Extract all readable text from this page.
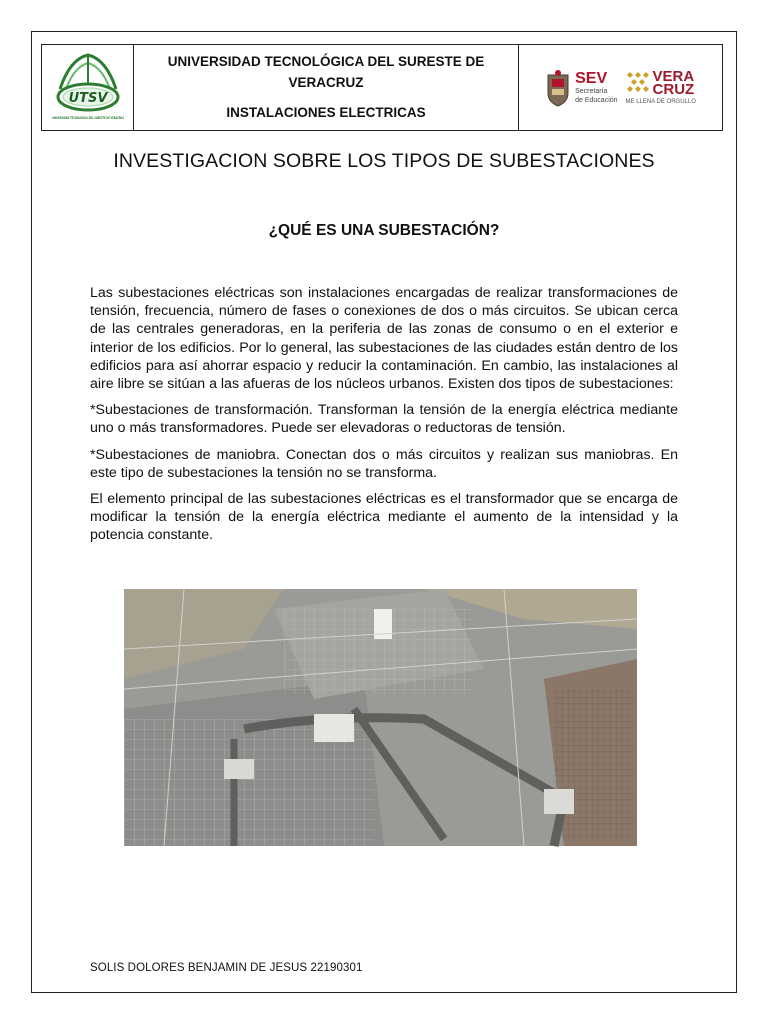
UTSV
UNIVERSIDAD TECNOLÓGICA DEL SURESTE DE VERACRUZ
UNIVERSIDAD TECNOLÓGICA DEL SURESTE DE
VERACRUZ
INSTALACIONES ELECTRICAS
SEV
Secretaría
de Educación
VERA
CRUZ
ME LLENA DE ORGULLO
INVESTIGACION SOBRE LOS TIPOS DE SUBESTACIONES
¿QUÉ ES UNA SUBESTACIÓN?

Las subestaciones eléctricas son instalaciones encargadas de realizar transformaciones de tensión, frecuencia, número de fases o conexiones de dos o más circuitos. Se ubican cerca de las centrales generadoras, en la periferia de las zonas de consumo o en el exterior e interior de los edificios. Por lo general, las subestaciones de las ciudades están dentro de los edificios para así ahorrar espacio y reducir la contaminación. En cambio, las instalaciones al aire libre se sitúan a las afueras de los núcleos urbanos. Existen dos tipos de subestaciones:

*Subestaciones de transformación. Transforman la tensión de la energía eléctrica mediante uno o más transformadores. Puede ser elevadoras o reductoras de tensión.

*Subestaciones de maniobra. Conectan dos o más circuitos y realizan sus maniobras. En este tipo de subestaciones la tensión no se transforma.

El elemento principal de las subestaciones eléctricas es el transformador que se encarga de modificar la tensión de la energía eléctrica mediante el aumento de la intensidad y la potencia constante.

SOLIS DOLORES BENJAMIN DE JESUS 22190301
